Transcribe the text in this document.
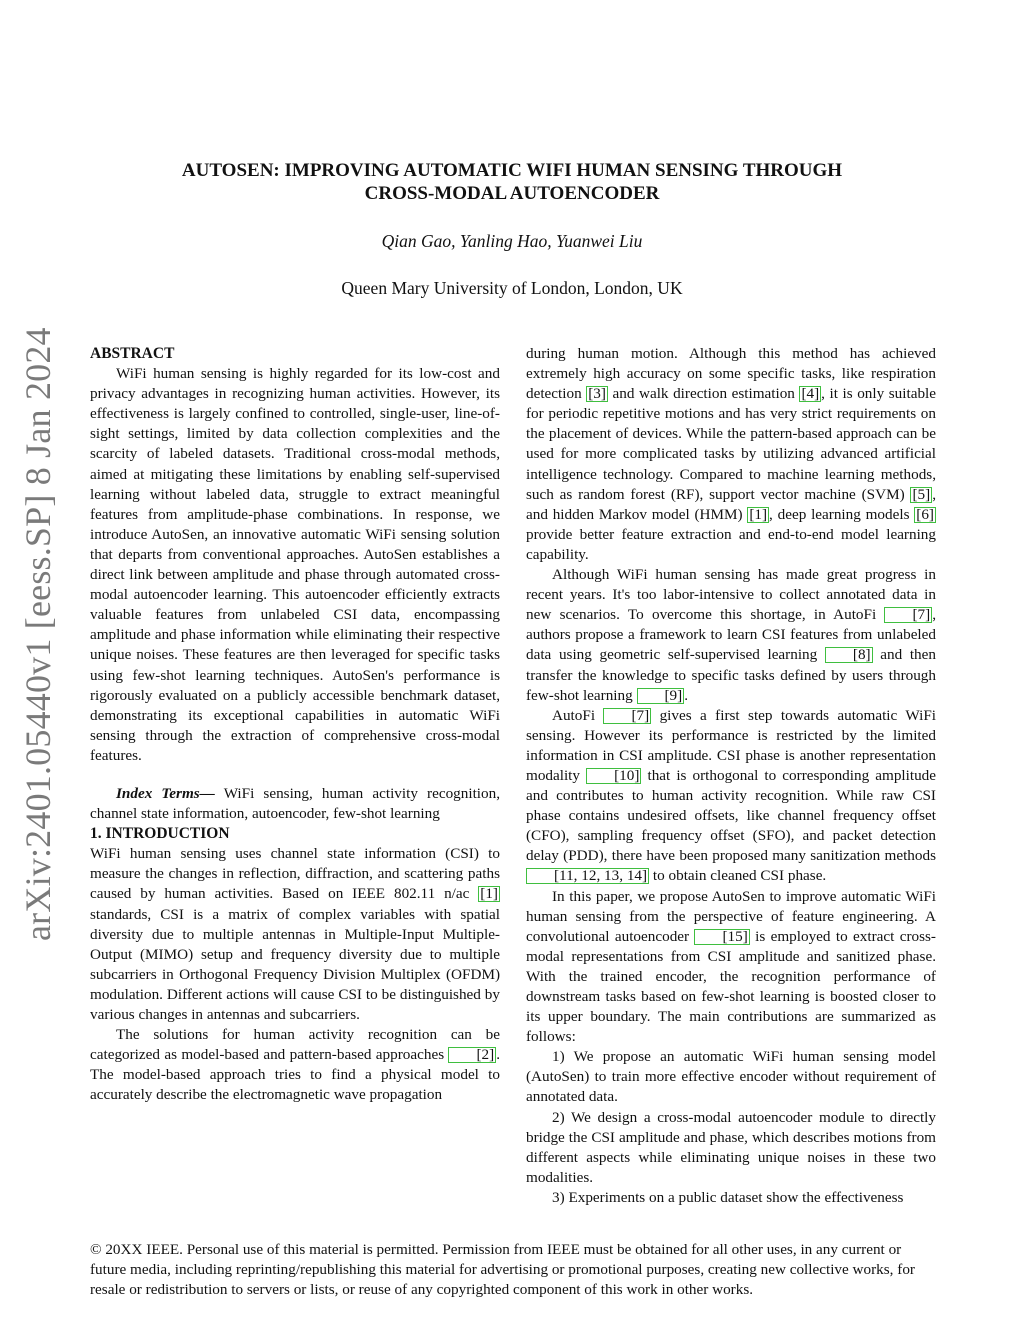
arXiv:2401.05440v1 [eess.SP] 8 Jan 2024
AUTOSEN: IMPROVING AUTOMATIC WIFI HUMAN SENSING THROUGH
CROSS-MODAL AUTOENCODER
Qian Gao, Yanling Hao, Yuanwei Liu
Queen Mary University of London, London, UK

ABSTRACT

WiFi human sensing is highly regarded for its low-cost and privacy advantages in recognizing human activities. However, its effectiveness is largely confined to controlled, single-user, line-of-sight settings, limited by data collection complexities and the scarcity of labeled datasets. Traditional cross-modal methods, aimed at mitigating these limitations by enabling self-supervised learning without labeled data, struggle to extract meaningful features from amplitude-phase combinations. In response, we introduce AutoSen, an innovative automatic WiFi sensing solution that departs from conventional approaches. AutoSen establishes a direct link between amplitude and phase through automated cross-modal autoencoder learning. This autoencoder efficiently extracts valuable features from unlabeled CSI data, encompassing amplitude and phase information while eliminating their respective unique noises. These features are then leveraged for specific tasks using few-shot learning techniques. AutoSen's performance is rigorously evaluated on a publicly accessible benchmark dataset, demonstrating its exceptional capabilities in automatic WiFi sensing through the extraction of comprehensive cross-modal features.

Index Terms— WiFi sensing, human activity recognition, channel state information, autoencoder, few-shot learning

1. INTRODUCTION

WiFi human sensing uses channel state information (CSI) to measure the changes in reflection, diffraction, and scattering paths caused by human activities. Based on IEEE 802.11 n/ac [1] standards, CSI is a matrix of complex variables with spatial diversity due to multiple antennas in Multiple-Input Multiple-Output (MIMO) setup and frequency diversity due to multiple subcarriers in Orthogonal Frequency Division Multiplex (OFDM) modulation. Different actions will cause CSI to be distinguished by various changes in antennas and subcarriers.

The solutions for human activity recognition can be categorized as model-based and pattern-based approaches [2] . The model-based approach tries to find a physical model to accurately describe the electromagnetic wave propagation

during human motion. Although this method has achieved extremely high accuracy on some specific tasks, like respiration detection [3] and walk direction estimation [4] , it is only suitable for periodic repetitive motions and has very strict requirements on the placement of devices. While the pattern-based approach can be used for more complicated tasks by utilizing advanced artificial intelligence technology. Compared to machine learning methods, such as random forest (RF), support vector machine (SVM) [5] , and hidden Markov model (HMM) [1] , deep learning models [6] provide better feature extraction and end-to-end model learning capability.

Although WiFi human sensing has made great progress in recent years. It's too labor-intensive to collect annotated data in new scenarios. To overcome this shortage, in AutoFi [7] , authors propose a framework to learn CSI features from unlabeled data using geometric self-supervised learning [8] and then transfer the knowledge to specific tasks defined by users through few-shot learning [9] .

AutoFi [7] gives a first step towards automatic WiFi sensing. However its performance is restricted by the limited information in CSI amplitude. CSI phase is another representation modality [10] that is orthogonal to corresponding amplitude and contributes to human activity recognition. While raw CSI phase contains undesired offsets, like channel frequency offset (CFO), sampling frequency offset (SFO), and packet detection delay (PDD), there have been proposed many sanitization methods [11, 12, 13, 14] to obtain cleaned CSI phase.

In this paper, we propose AutoSen to improve automatic WiFi human sensing from the perspective of feature engineering. A convolutional autoencoder [15] is employed to extract cross-modal representations from CSI amplitude and sanitized phase. With the trained encoder, the recognition performance of downstream tasks based on few-shot learning is boosted closer to its upper boundary. The main contributions are summarized as follows:

1) We propose an automatic WiFi human sensing model (AutoSen) to train more effective encoder without requirement of annotated data.

2) We design a cross-modal autoencoder module to directly bridge the CSI amplitude and phase, which describes motions from different aspects while eliminating unique noises in these two modalities.

3) Experiments on a public dataset show the effectiveness

© 20XX IEEE. Personal use of this material is permitted. Permission from IEEE must be obtained for all other uses, in any current or future media, including reprinting/republishing this material for advertising or promotional purposes, creating new collective works, for resale or redistribution to servers or lists, or reuse of any copyrighted component of this work in other works.
